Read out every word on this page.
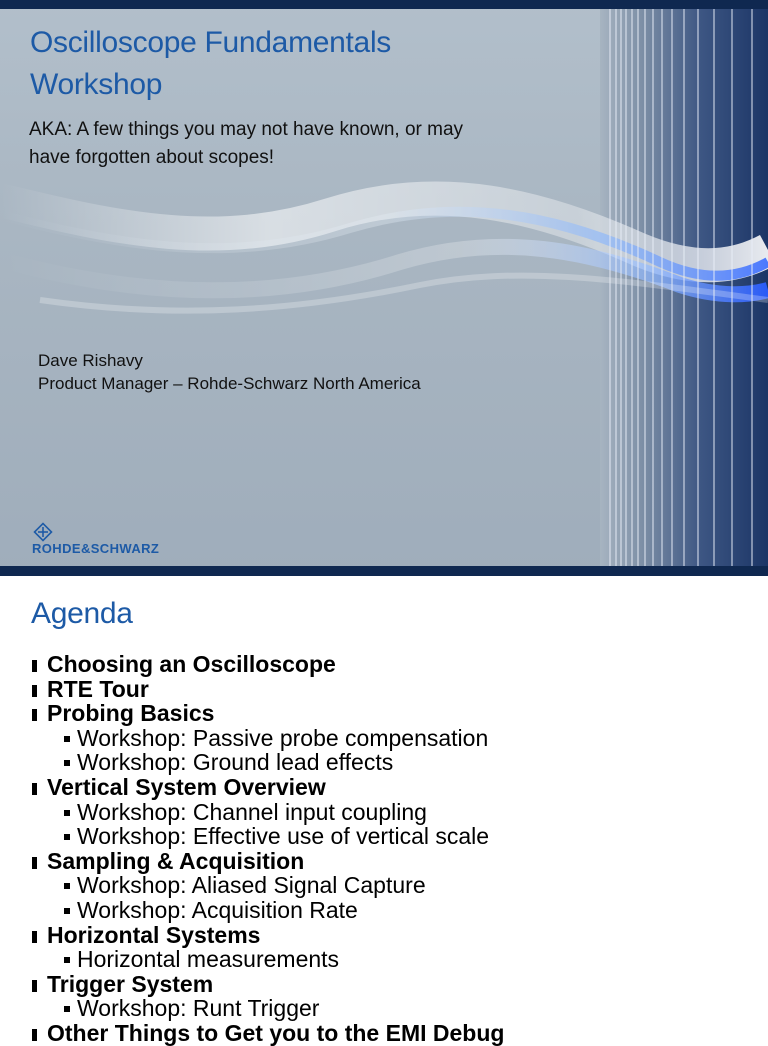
Oscilloscope Fundamentals
Workshop

AKA: A few things you may not have known, or may have forgotten about scopes!

Dave Rishavy
Product Manager – Rohde-Schwarz North America
ROHDE&SCHWARZ
Agenda
Choosing an Oscilloscope
RTE Tour
Probing Basics
Workshop: Passive probe compensation
Workshop: Ground lead effects
Vertical System Overview
Workshop: Channel input coupling
Workshop: Effective use of vertical scale
Sampling & Acquisition
Workshop: Aliased Signal Capture
Workshop: Acquisition Rate
Horizontal Systems
Horizontal measurements
Trigger System
Workshop: Runt Trigger
Other Things to Get you to the EMI Debug
